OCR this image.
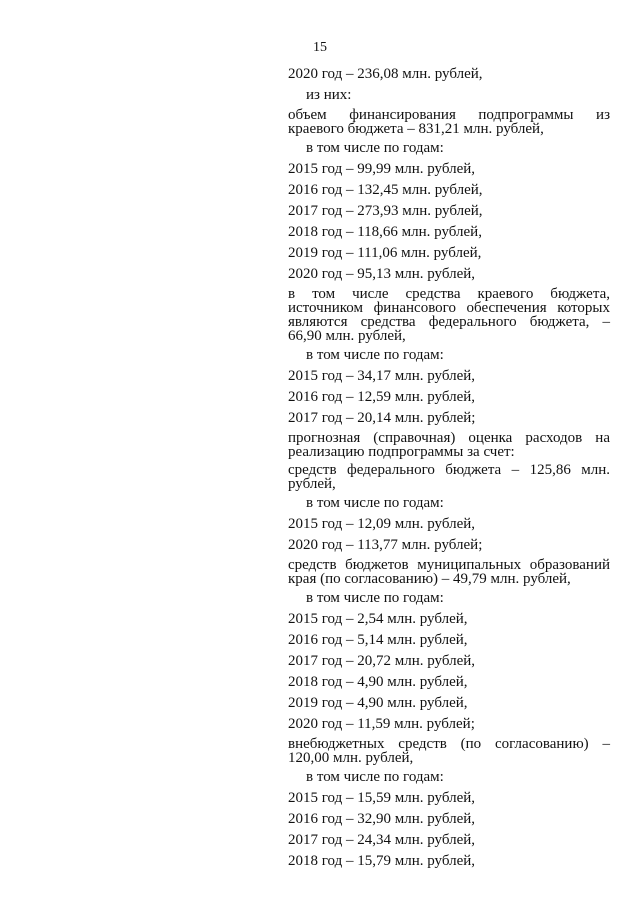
15
2020 год – 236,08 млн. рублей,
из них:
объем финансирования подпрограммы из краевого бюджета – 831,21 млн. рублей,
в том числе по годам:
2015 год – 99,99 млн. рублей,
2016 год – 132,45 млн. рублей,
2017 год – 273,93 млн. рублей,
2018 год – 118,66 млн. рублей,
2019 год – 111,06 млн. рублей,
2020 год – 95,13 млн. рублей,
в том числе средства краевого бюджета, источником финансового обеспечения которых являются средства федерального бюджета, – 66,90 млн. рублей,
в том числе по годам:
2015 год – 34,17 млн. рублей,
2016 год – 12,59 млн. рублей,
2017 год – 20,14 млн. рублей;
прогнозная (справочная) оценка расходов на реализацию подпрограммы за счет:
средств федерального бюджета – 125,86 млн. рублей,
в том числе по годам:
2015 год – 12,09 млн. рублей,
2020 год – 113,77 млн. рублей;
средств бюджетов муниципальных образований края (по согласованию) – 49,79 млн. рублей,
в том числе по годам:
2015 год – 2,54 млн. рублей,
2016 год – 5,14 млн. рублей,
2017 год – 20,72 млн. рублей,
2018 год – 4,90 млн. рублей,
2019 год – 4,90 млн. рублей,
2020 год – 11,59 млн. рублей;
внебюджетных средств (по согласованию) – 120,00 млн. рублей,
в том числе по годам:
2015 год – 15,59 млн. рублей,
2016 год – 32,90 млн. рублей,
2017 год – 24,34 млн. рублей,
2018 год – 15,79 млн. рублей,
